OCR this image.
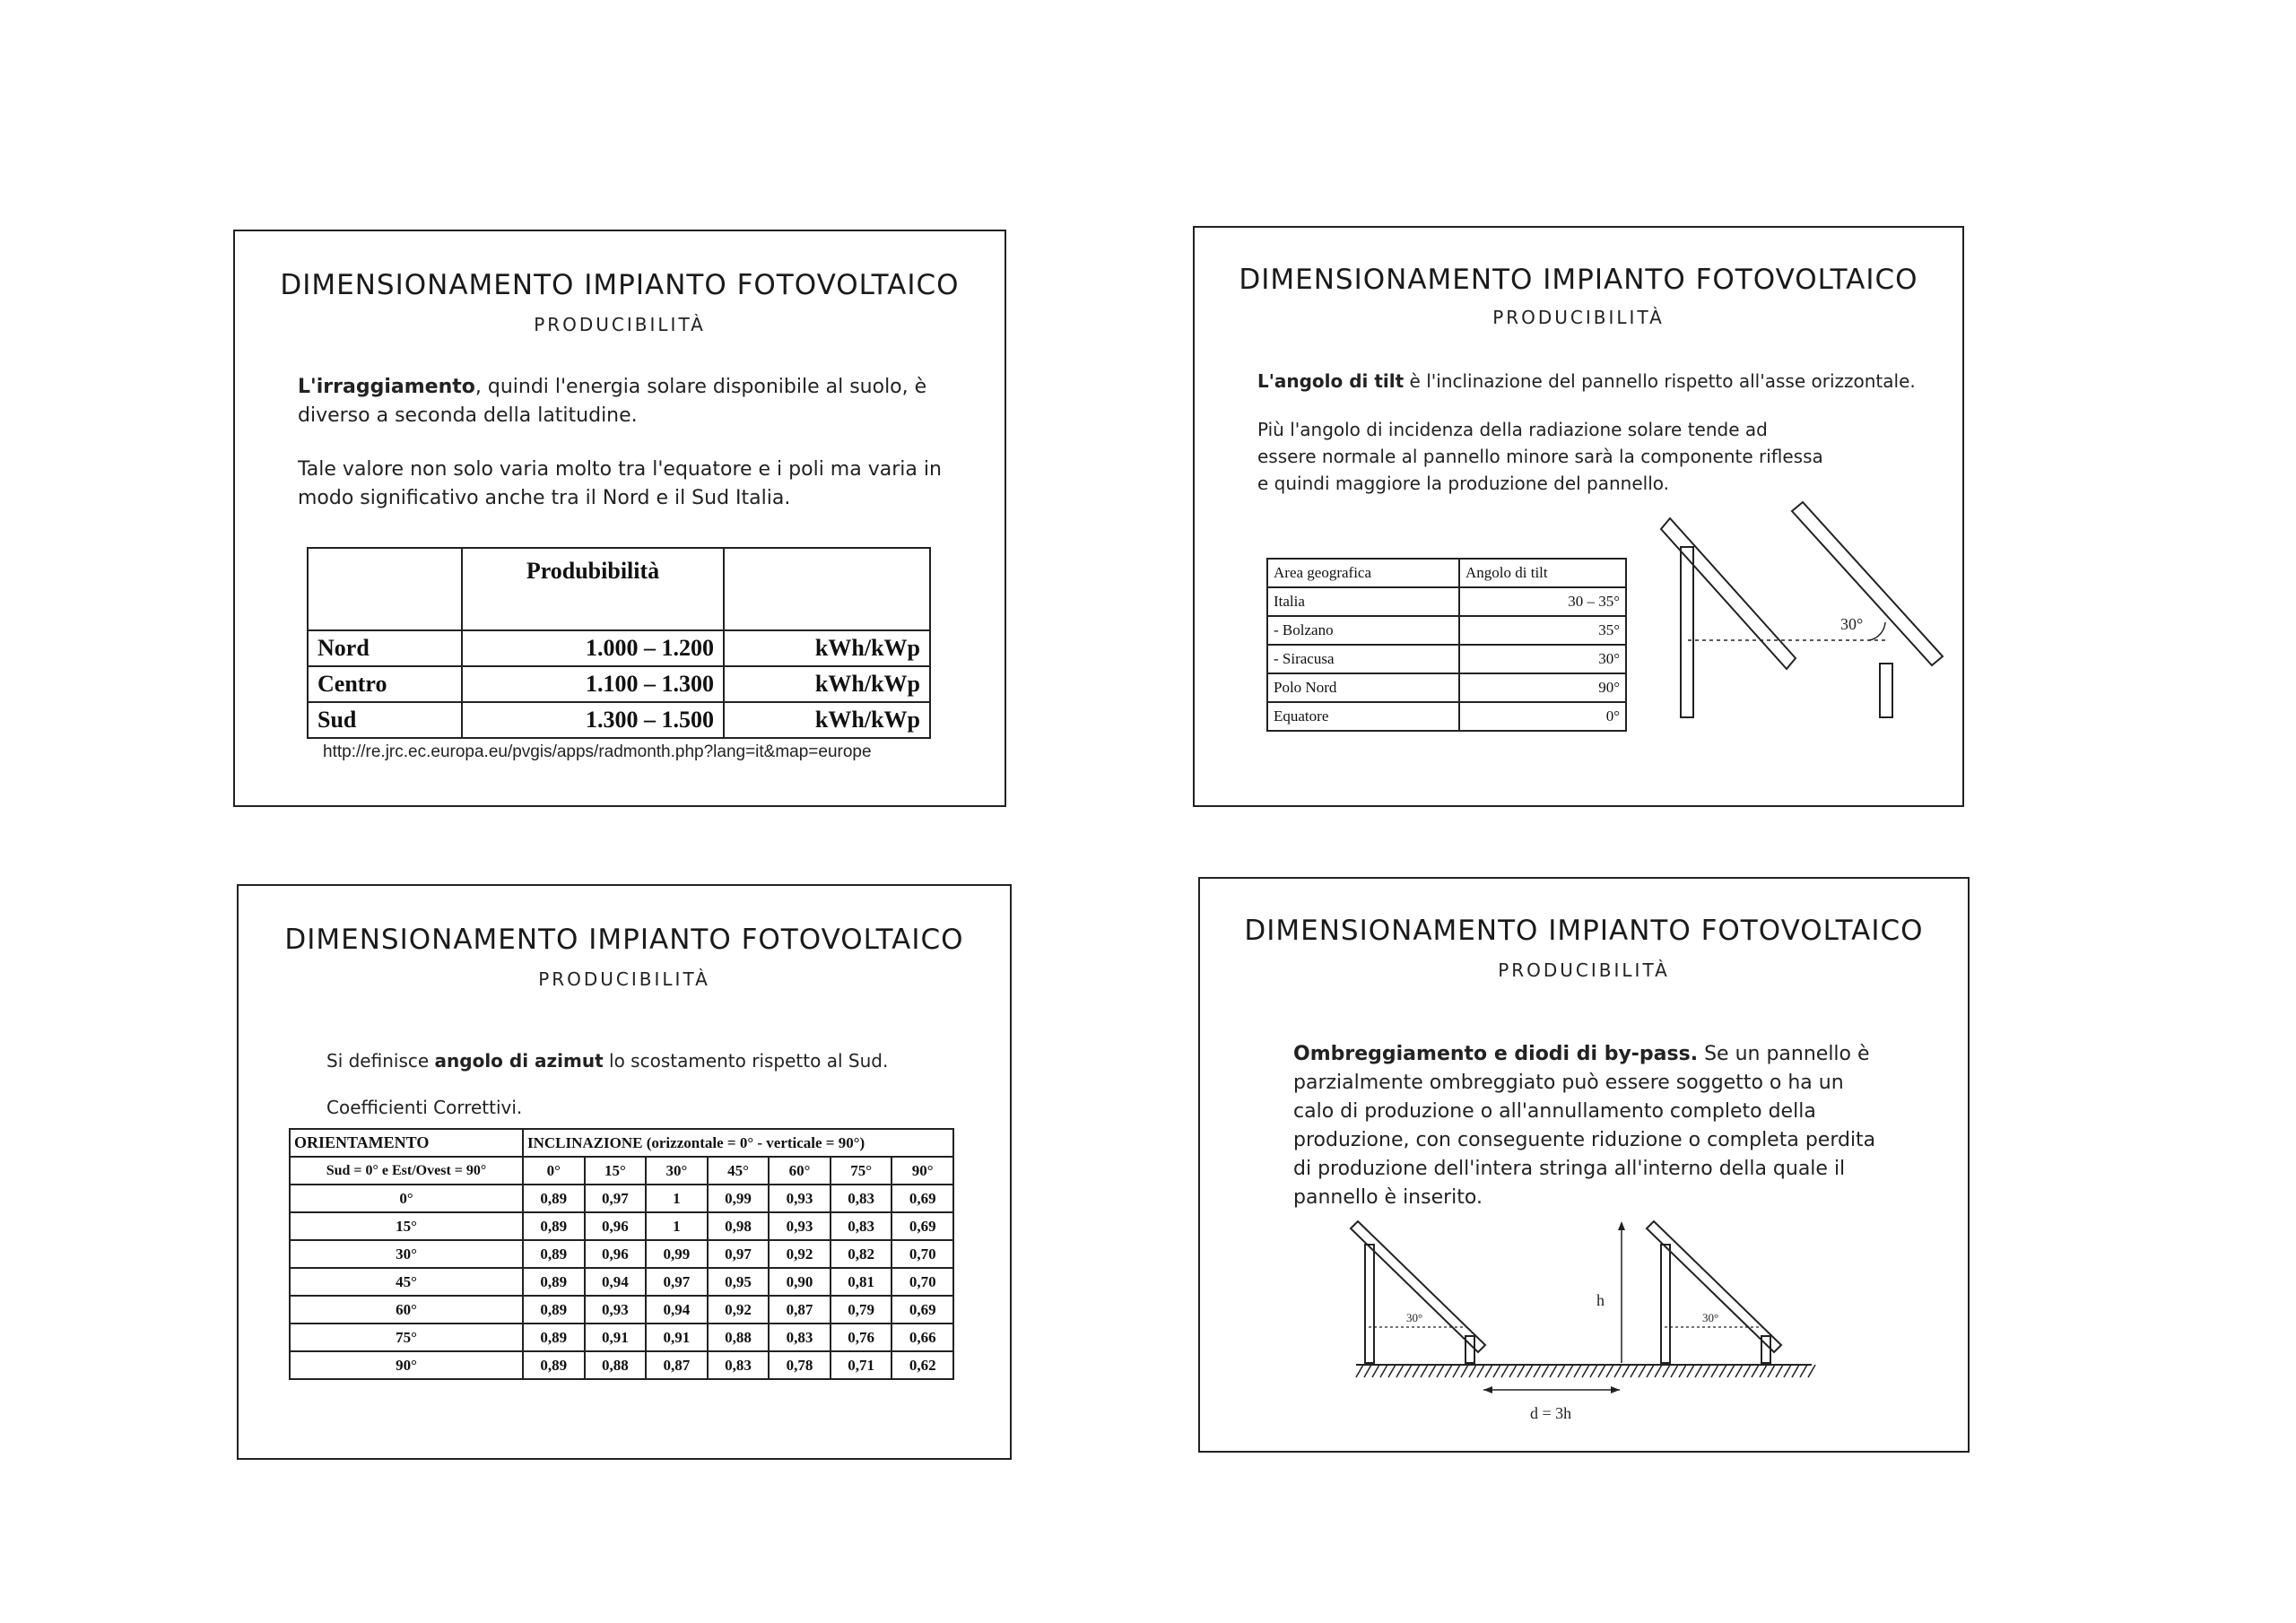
DIMENSIONAMENTO IMPIANTO FOTOVOLTAICO
PRODUCIBILITÀ
L'irraggiamento, quindi l'energia solare disponibile al suolo, è diverso a seconda della latitudine.
Tale valore non solo varia molto tra l'equatore e i poli ma varia in modo significativo anche tra il Nord e il Sud Italia.
	Produbibilità	
Nord	1.000 – 1.200	kWh/kWp
Centro	1.100 – 1.300	kWh/kWp
Sud	1.300 – 1.500	kWh/kWp
http://re.jrc.ec.europa.eu/pvgis/apps/radmonth.php?lang=it&map=europe
DIMENSIONAMENTO IMPIANTO FOTOVOLTAICO
PRODUCIBILITÀ
L'angolo di tilt è l'inclinazione del pannello rispetto all'asse orizzontale.
Più l'angolo di incidenza della radiazione solare tende ad essere normale al pannello minore sarà la componente riflessa e quindi maggiore la produzione del pannello.
Area geografica	Angolo di tilt
Italia	30 – 35°
- Bolzano	35°
- Siracusa	30°
Polo Nord	90°
Equatore	0°
30°
DIMENSIONAMENTO IMPIANTO FOTOVOLTAICO
PRODUCIBILITÀ
Si definisce angolo di azimut lo scostamento rispetto al Sud.
Coefficienti Correttivi.
ORIENTAMENTO	INCLINAZIONE (orizzontale = 0° - verticale = 90°)						
Sud = 0° e Est/Ovest = 90°	0°	15°	30°	45°	60°	75°	90°
0°	0,89	0,97	1	0,99	0,93	0,83	0,69
15°	0,89	0,96	1	0,98	0,93	0,83	0,69
30°	0,89	0,96	0,99	0,97	0,92	0,82	0,70
45°	0,89	0,94	0,97	0,95	0,90	0,81	0,70
60°	0,89	0,93	0,94	0,92	0,87	0,79	0,69
75°	0,89	0,91	0,91	0,88	0,83	0,76	0,66
90°	0,89	0,88	0,87	0,83	0,78	0,71	0,62
DIMENSIONAMENTO IMPIANTO FOTOVOLTAICO
PRODUCIBILITÀ
Ombreggiamento e diodi di by-pass. Se un pannello è parzialmente ombreggiato può essere soggetto o ha un calo di produzione o all'annullamento completo della produzione, con conseguente riduzione o completa perdita di produzione dell'intera stringa all'interno della quale il pannello è inserito.
30°	30°
h
d = 3h
